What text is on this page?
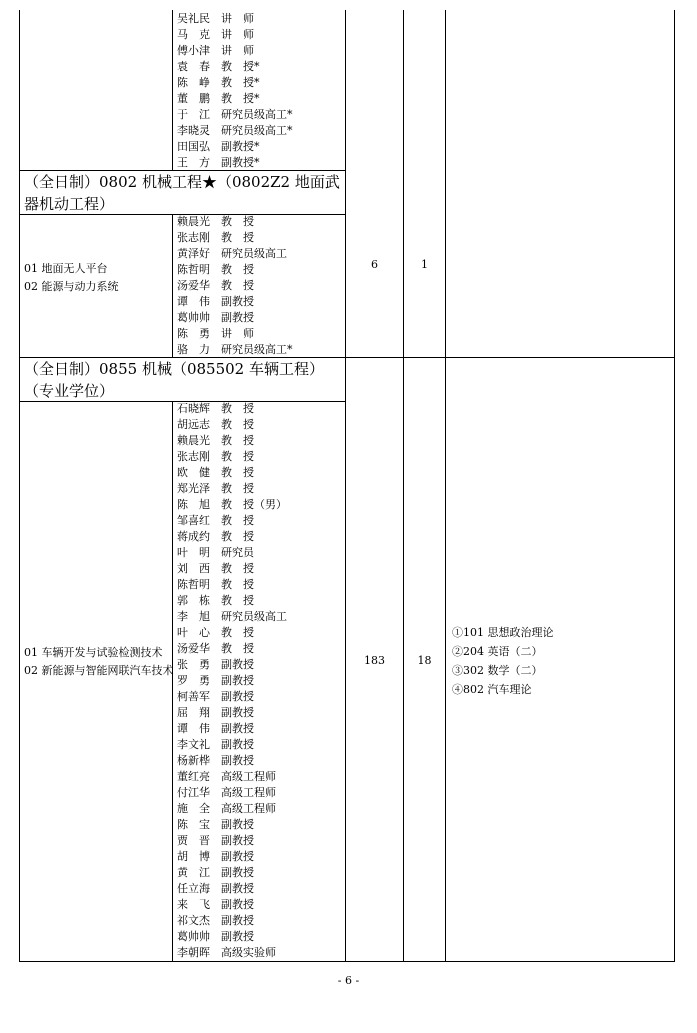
吴礼民　讲　师
马　克　讲　师
傅小津　讲　师
袁　春　教　授*
陈　峥　教　授*
董　鹏　教　授*
于　江　研究员级高工*
李晓灵　研究员级高工*
田国弘　副教授*
王　方　副教授*
（全日制）0802 机械工程★（0802Z2 地面武器机动工程）
01 地面无人平台
02 能源与动力系统
赖晨光　教　授
张志刚　教　授
黄泽好　研究员级高工
陈哲明　教　授
汤爱华　教　授
谭　伟　副教授
葛帅帅　副教授
陈　勇　讲　师
骆　力　研究员级高工*
6	1
（全日制）0855 机械（085502 车辆工程）（专业学位）
01 车辆开发与试验检测技术
02 新能源与智能网联汽车技术
石晓辉　教　授
胡远志　教　授
赖晨光　教　授
张志刚　教　授
欧　健　教　授
郑光泽　教　授
陈　旭　教　授（男）
邹喜红　教　授
蒋成约　教　授
叶　明　研究员
刘　西　教　授
陈哲明　教　授
郭　栋　教　授
李　旭　研究员级高工
叶　心　教　授
汤爱华　教　授
张　勇　副教授
罗　勇　副教授
柯善军　副教授
屈　翔　副教授
谭　伟　副教授
李文礼　副教授
杨新桦　副教授
董红亮　高级工程师
付江华　高级工程师
施　全　高级工程师
陈　宝　副教授
贾　晋　副教授
胡　博　副教授
黄　江　副教授
任立海　副教授
来　飞　副教授
祁文杰　副教授
葛帅帅　副教授
李朝晖　高级实验师
183	18
①101 思想政治理论
②204 英语（二）
③302 数学（二）
④802 汽车理论
- 6 -
